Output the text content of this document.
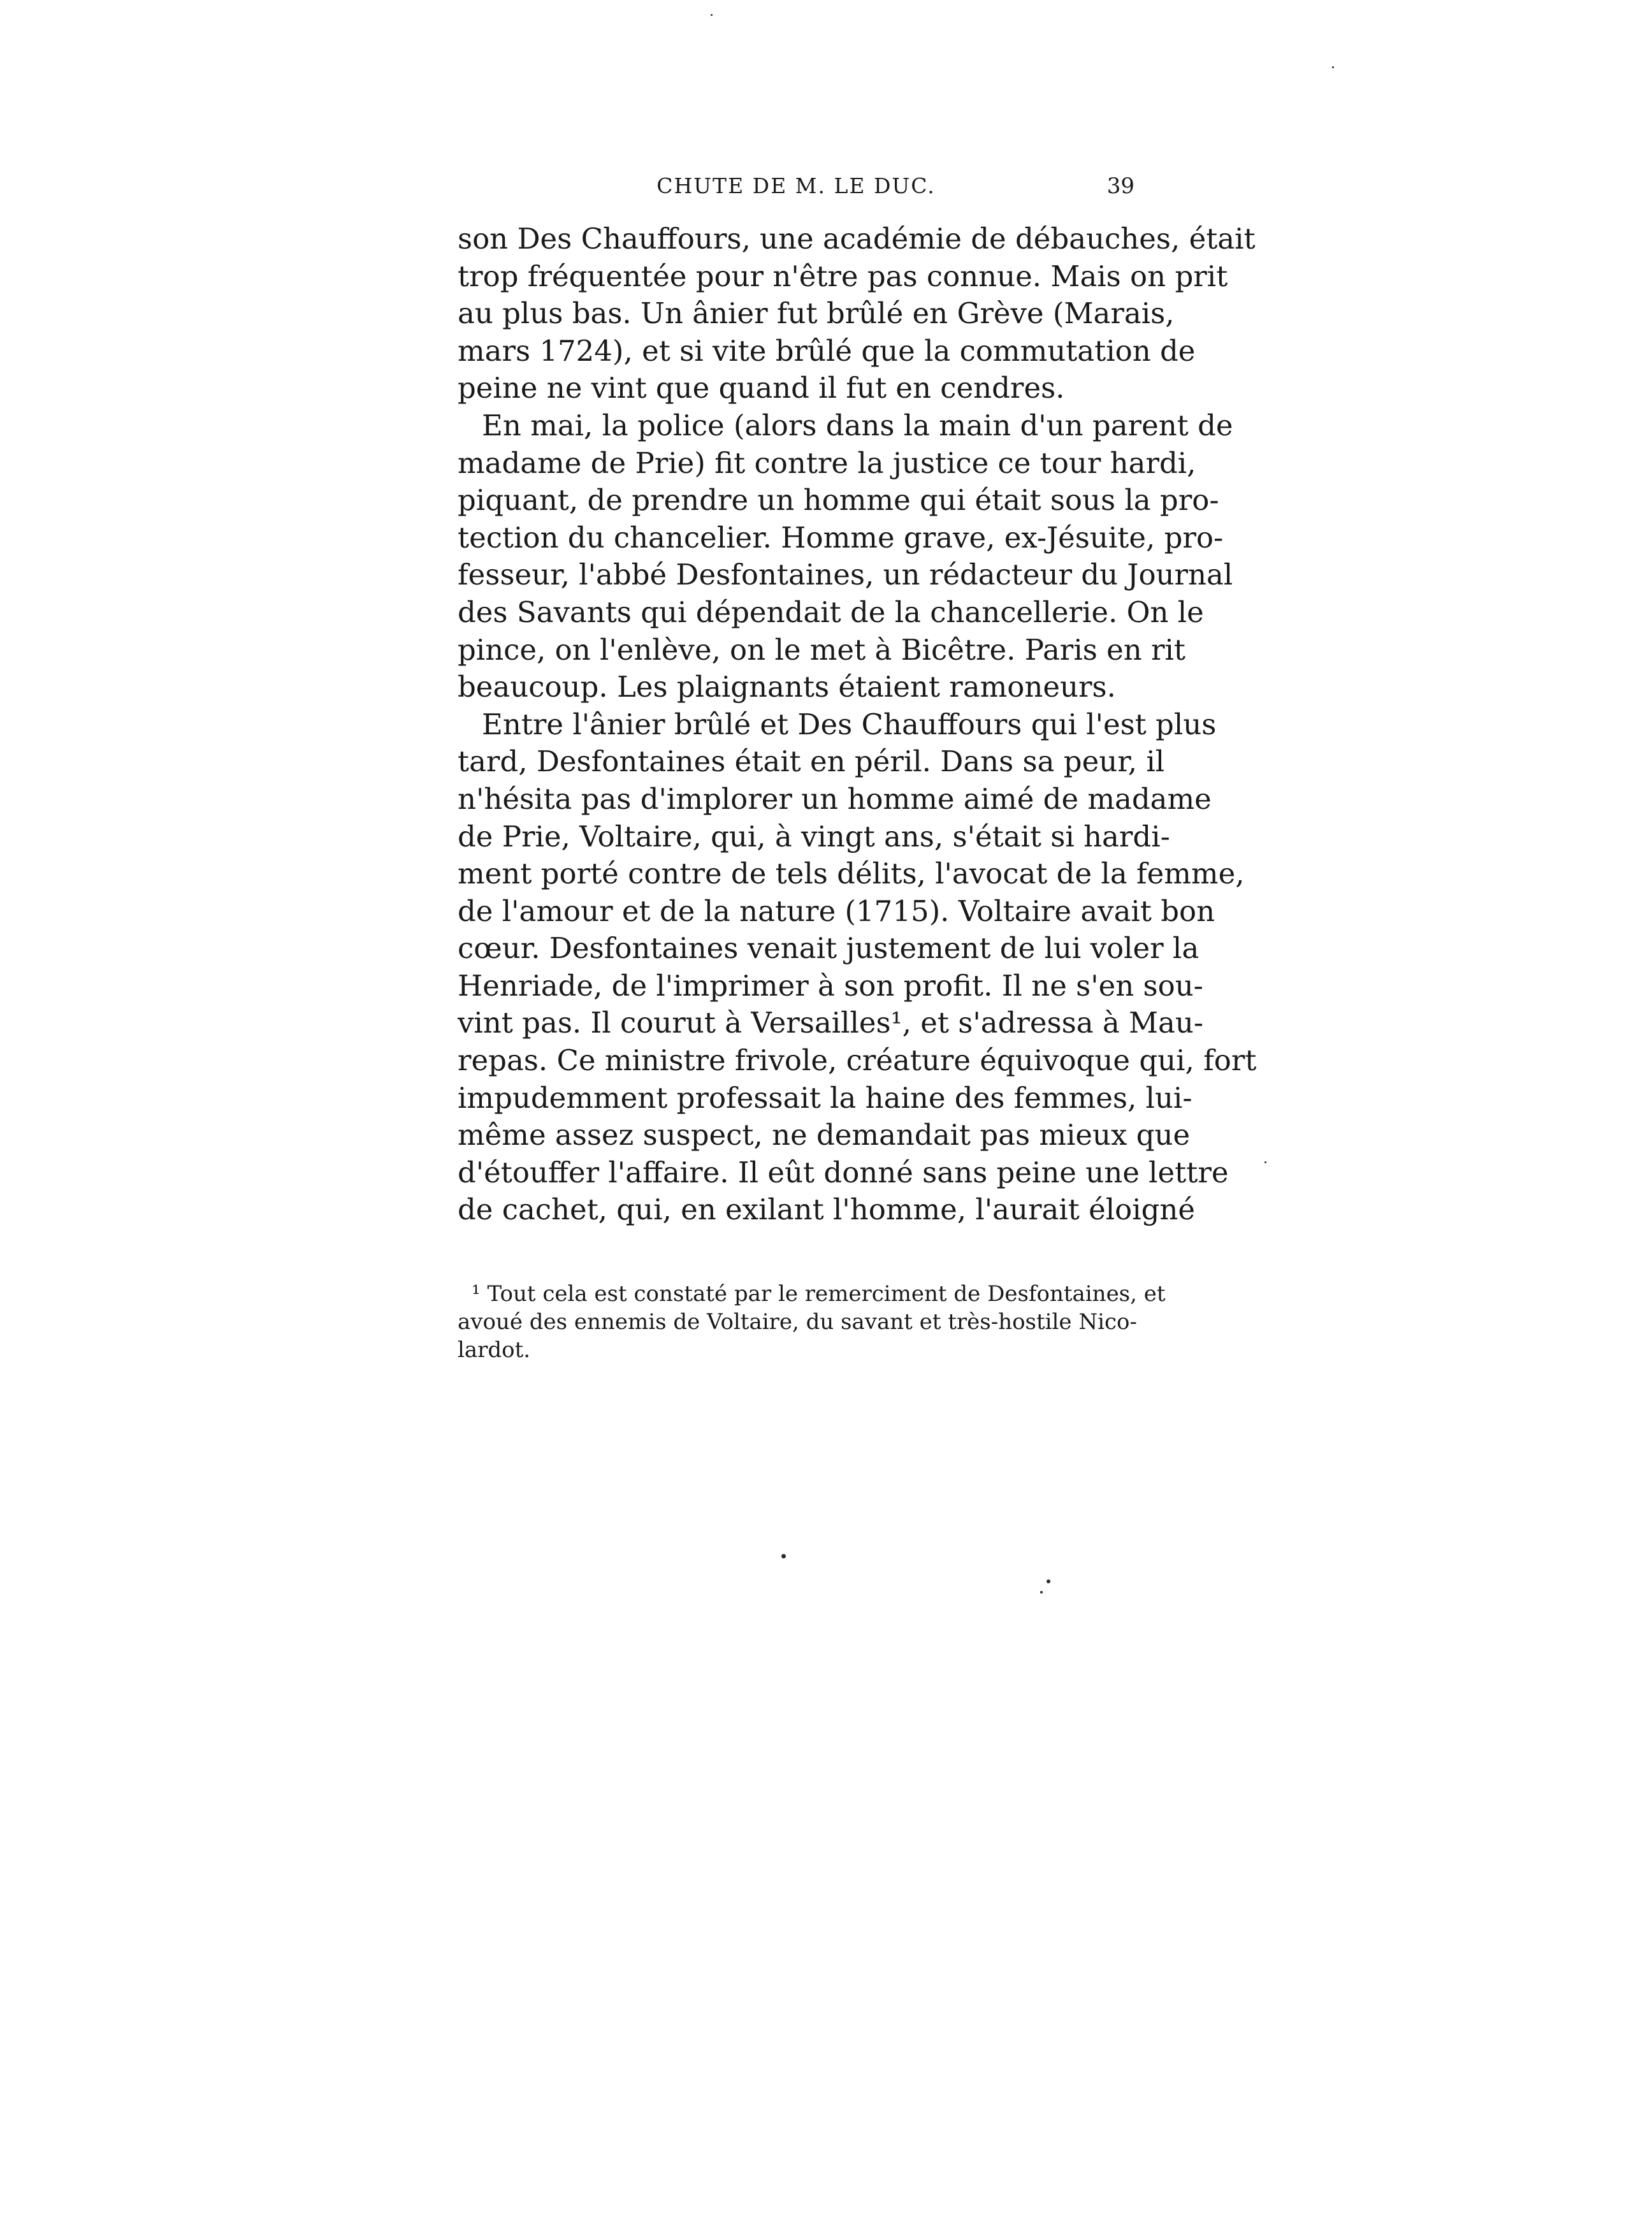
CHUTE DE M. LE DUC.	39
son Des Chauffours, une académie de débauches, était
trop fréquentée pour n'être pas connue. Mais on prit
au plus bas. Un ânier fut brûlé en Grève (Marais,
mars 1724), et si vite brûlé que la commutation de
peine ne vint que quand il fut en cendres.
En mai, la police (alors dans la main d'un parent de
madame de Prie) fit contre la justice ce tour hardi,
piquant, de prendre un homme qui était sous la pro-
tection du chancelier. Homme grave, ex-Jésuite, pro-
fesseur, l'abbé Desfontaines, un rédacteur du Journal
des Savants qui dépendait de la chancellerie. On le
pince, on l'enlève, on le met à Bicêtre. Paris en rit
beaucoup. Les plaignants étaient ramoneurs.
Entre l'ânier brûlé et Des Chauffours qui l'est plus
tard, Desfontaines était en péril. Dans sa peur, il
n'hésita pas d'implorer un homme aimé de madame
de Prie, Voltaire, qui, à vingt ans, s'était si hardi-
ment porté contre de tels délits, l'avocat de la femme,
de l'amour et de la nature (1715). Voltaire avait bon
cœur. Desfontaines venait justement de lui voler la
Henriade, de l'imprimer à son profit. Il ne s'en sou-
vint pas. Il courut à Versailles¹, et s'adressa à Mau-
repas. Ce ministre frivole, créature équivoque qui, fort
impudemment professait la haine des femmes, lui-
même assez suspect, ne demandait pas mieux que
d'étouffer l'affaire. Il eût donné sans peine une lettre
de cachet, qui, en exilant l'homme, l'aurait éloigné
¹ Tout cela est constaté par le remerciment de Desfontaines, et
avoué des ennemis de Voltaire, du savant et très-hostile Nico-
lardot.
